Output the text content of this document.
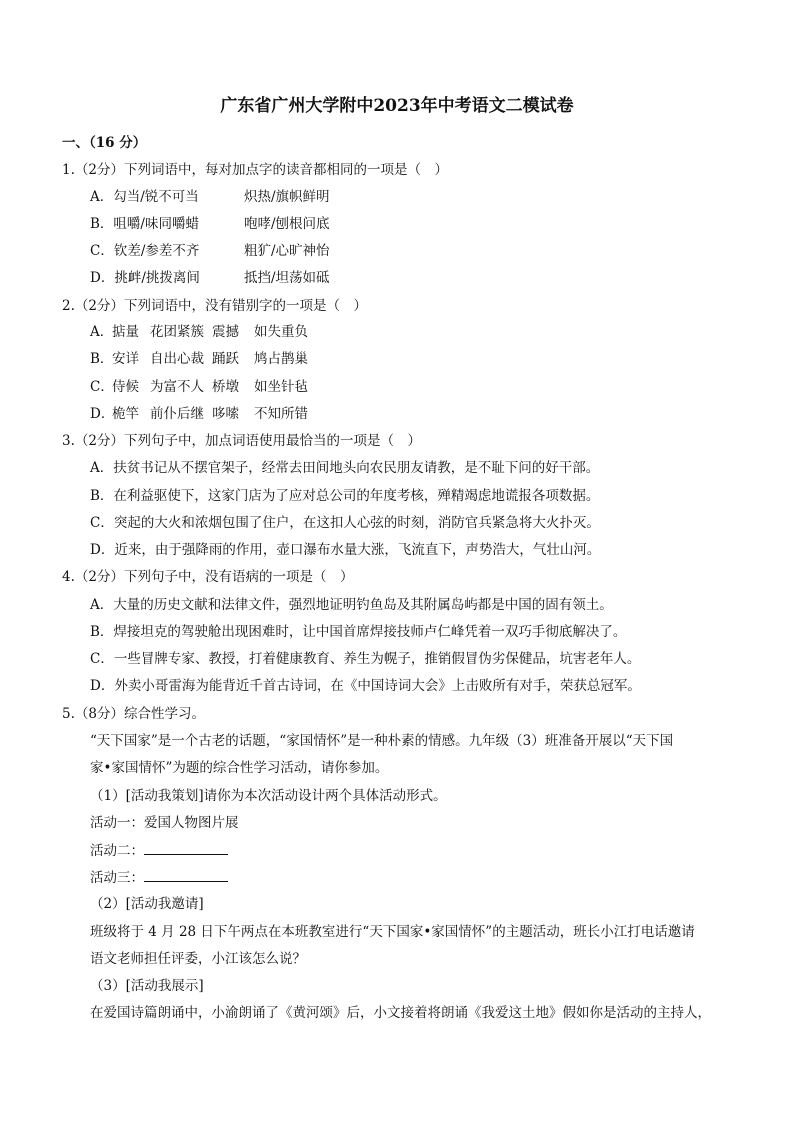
广东省广州大学附中2023年中考语文二模试卷
一、（16 分）
1.（2分）下列词语中，每对加点字的读音都相同的一项是（　）
A．勾当/锐不可当	炽热/旗帜鲜明
B．咀嚼/味同嚼蜡	咆哮/刨根问底
C．钦差/参差不齐	粗犷/心旷神怡
D．挑衅/挑拨离间	抵挡/坦荡如砥
2.（2分）下列词语中，没有错别字的一项是（　）
A．掂量 花团紧簇 震撼 如失重负
B．安详 自出心裁 踊跃 鸠占鹊巢
C．侍候 为富不人 桥墩 如坐针毡
D．桅竿 前仆后继 哆嗦 不知所错
3.（2分）下列句子中，加点词语使用最恰当的一项是（　）
A．扶贫书记从不摆官架子，经常去田间地头向农民朋友请教，是不耻下问的好干部。
B．在利益驱使下，这家门店为了应对总公司的年度考核，殚精竭虑地谎报各项数据。
C．突起的大火和浓烟包围了住户，在这扣人心弦的时刻，消防官兵紧急将大火扑灭。
D．近来，由于强降雨的作用，壶口瀑布水量大涨，飞流直下，声势浩大，气壮山河。
4.（2分）下列句子中，没有语病的一项是（　）
A．大量的历史文献和法律文件，强烈地证明钓鱼岛及其附属岛屿都是中国的固有领土。
B．焊接坦克的驾驶舱出现困难时，让中国首席焊接技师卢仁峰凭着一双巧手彻底解决了。
C．一些冒牌专家、教授，打着健康教育、养生为幌子，推销假冒伪劣保健品，坑害老年人。
D．外卖小哥雷海为能背近千首古诗词，在《中国诗词大会》上击败所有对手，荣获总冠军。
5.（8分）综合性学习。
“天下国家”是一个古老的话题，“家国情怀”是一种朴素的情感。九年级（3）班准备开展以“天下国
家•家国情怀”为题的综合性学习活动，请你参加。
（1）[活动我策划]请你为本次活动设计两个具体活动形式。
活动一：爱国人物图片展
活动二：
活动三：
（2）[活动我邀请]
班级将于 4 月 28 日下午两点在本班教室进行“天下国家•家国情怀”的主题活动，班长小江打电话邀请
语文老师担任评委，小江该怎么说？
（3）[活动我展示]
在爱国诗篇朗诵中，小渝朗诵了《黄河颂》后，小文接着将朗诵《我爱这土地》假如你是活动的主持人，
